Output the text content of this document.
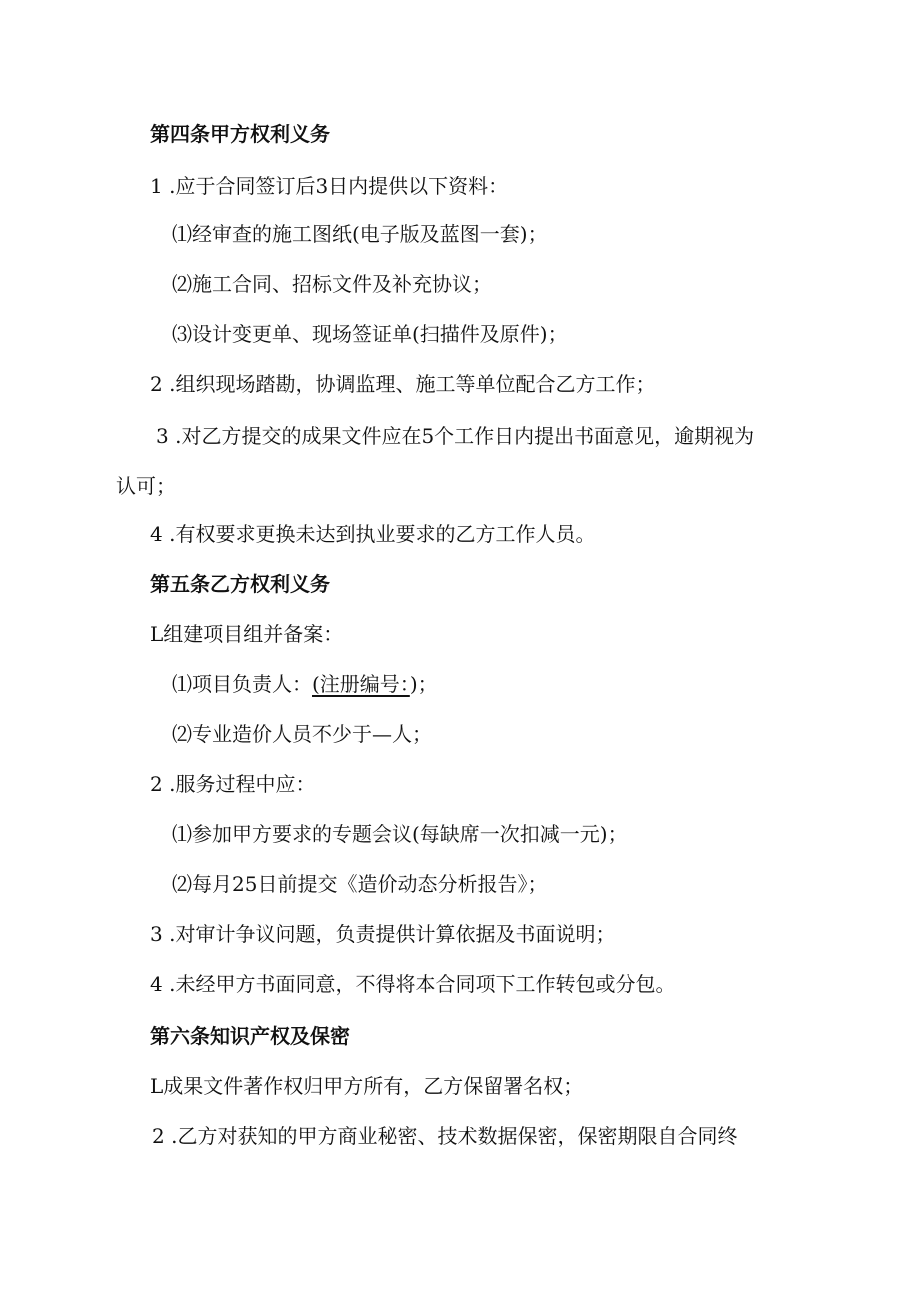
第四条甲方权利义务
1 .应于合同签订后3日内提供以下资料：
⑴经审查的施工图纸(电子版及蓝图一套)；
⑵施工合同、招标文件及补充协议；
⑶设计变更单、现场签证单(扫描件及原件)；
2 .组织现场踏勘，协调监理、施工等单位配合乙方工作；
3 .对乙方提交的成果文件应在5个工作日内提出书面意见，逾期视为
认可；
4 .有权要求更换未达到执业要求的乙方工作人员。
第五条乙方权利义务
L组建项目组并备案：
⑴项目负责人：(注册编号：)；
⑵专业造价人员不少于—人；
2 .服务过程中应：
⑴参加甲方要求的专题会议(每缺席一次扣减一元)；
⑵每月25日前提交《造价动态分析报告》；
3 .对审计争议问题，负责提供计算依据及书面说明；
4 .未经甲方书面同意，不得将本合同项下工作转包或分包。
第六条知识产权及保密
L成果文件著作权归甲方所有，乙方保留署名权；
2 .乙方对获知的甲方商业秘密、技术数据保密，保密期限自合同终
